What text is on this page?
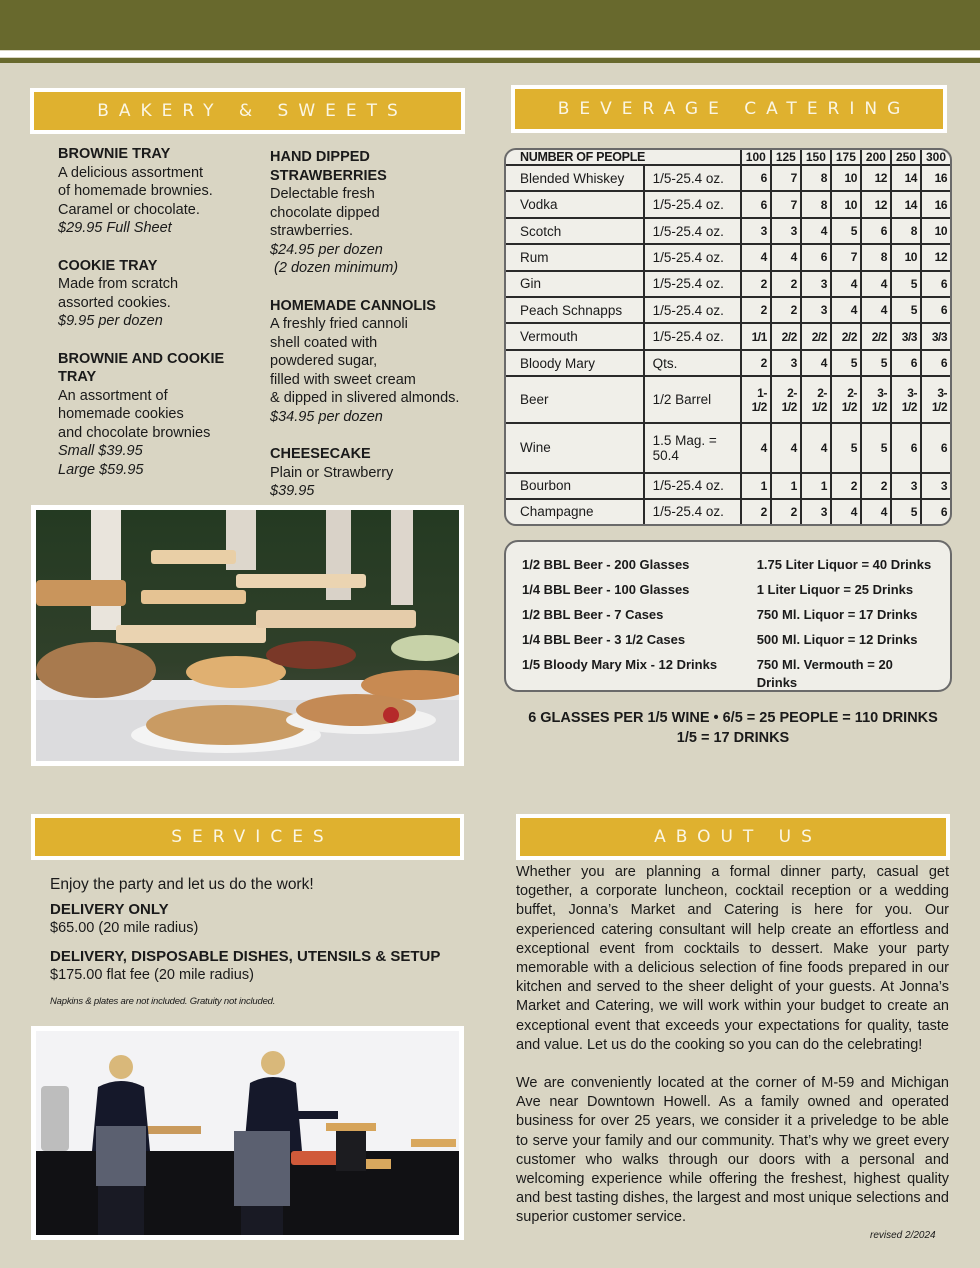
BAKERY & SWEETS	BEVERAGE CATERING
BROWNIE TRAY
A delicious assortment
of homemade brownies.
Caramel or chocolate.
$29.95 Full Sheet
COOKIE TRAY
Made from scratch
assorted cookies.
$9.95 per dozen
BROWNIE AND COOKIE TRAY
An assortment of
homemade cookies
and chocolate brownies
Small $39.95
Large $59.95
HAND DIPPED STRAWBERRIES
Delectable fresh
chocolate dipped
strawberries.
$24.95 per dozen
(2 dozen minimum)
HOMEMADE CANNOLIS
A freshly fried cannoli
shell coated with
powdered sugar,
filled with sweet cream
& dipped in slivered almonds.
$34.95 per dozen
CHEESECAKE
Plain or Strawberry
$39.95
NUMBER OF PEOPLE		100	125	150	175	200	250	300
Blended Whiskey	1/5-25.4 oz.	6	7	8	10	12	14	16
Vodka	1/5-25.4 oz.	6	7	8	10	12	14	16
Scotch	1/5-25.4 oz.	3	3	4	5	6	8	10
Rum	1/5-25.4 oz.	4	4	6	7	8	10	12
Gin	1/5-25.4 oz.	2	2	3	4	4	5	6
Peach Schnapps	1/5-25.4 oz.	2	2	3	4	4	5	6
Vermouth	1/5-25.4 oz.	1/1	2/2	2/2	2/2	2/2	3/3	3/3
Bloody Mary	Qts.	2	3	4	5	5	6	6
Beer	1/2 Barrel	1-1/2	2-1/2	2-1/2	2-1/2	3-1/2	3-1/2	3-1/2
Wine	1.5 Mag. = 50.4	4	4	4	5	5	6	6
Bourbon	1/5-25.4 oz.	1	1	1	2	2	3	3
Champagne	1/5-25.4 oz.	2	2	3	4	4	5	6
1/2 BBL Beer - 200 Glasses
1/4 BBL Beer - 100 Glasses
1/2 BBL Beer - 7 Cases
1/4 BBL Beer - 3 1/2 Cases
1/5 Bloody Mary Mix - 12 Drinks
1.75 Liter Liquor = 40 Drinks
1 Liter Liquor = 25 Drinks
750 Ml. Liquor = 17 Drinks
500 Ml. Liquor = 12 Drinks
750 Ml. Vermouth = 20 Drinks
6 GLASSES PER 1/5 WINE • 6/5 = 25 PEOPLE = 110 DRINKS
1/5 = 17 DRINKS
SERVICES	ABOUT US
Enjoy the party and let us do the work!
DELIVERY ONLY
$65.00 (20 mile radius)
DELIVERY, DISPOSABLE DISHES, UTENSILS & SETUP
$175.00 flat fee (20 mile radius)
Napkins & plates are not included. Gratuity not included.

Whether you are planning a formal dinner party, casual get together, a corporate luncheon, cocktail reception or a wedding buffet, Jonna’s Market and Catering is here for you. Our experienced catering consultant will help create an effortless and exceptional event from cocktails to dessert. Make your party memorable with a delicious selection of fine foods prepared in our kitchen and served to the sheer delight of your guests. At Jonna’s Market and Catering, we will work within your budget to create an exceptional event that exceeds your expectations for quality, taste and value. Let us do the cooking so you can do the celebrating!

We are conveniently located at the corner of M-59 and Michigan Ave near Downtown Howell. As a family owned and operated business for over 25 years, we consider it a priveledge to be able to serve your family and our community. That’s why we greet every customer who walks through our doors with a personal and welcoming experience while offering the freshest, highest quality and best tasting dishes, the largest and most unique selections and superior customer service.

revised 2/2024
